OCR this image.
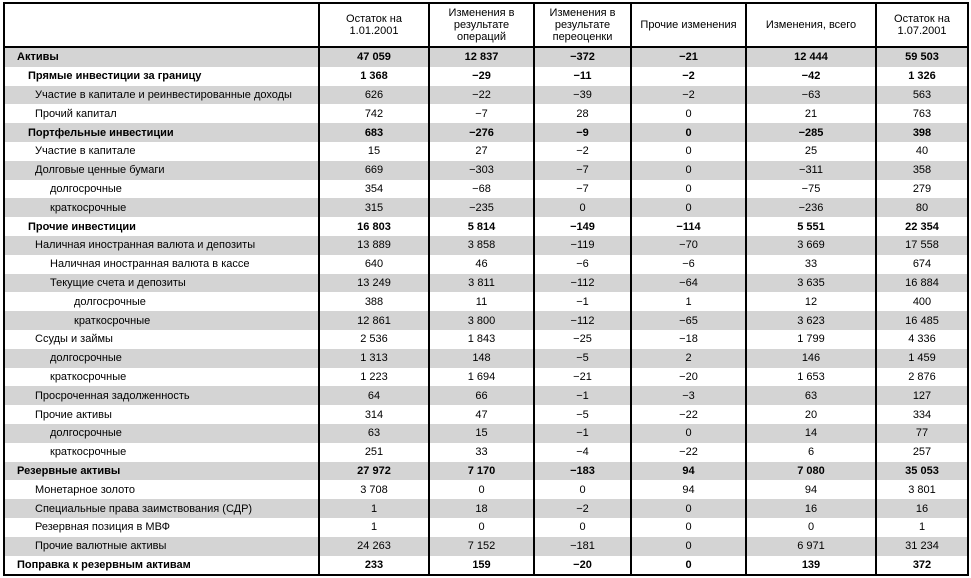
	Остаток на 1.01.2001	Изменения в результате операций	Изменения в результате переоценки	Прочие изменения	Изменения, всего	Остаток на 1.07.2001
Активы	47 059	12 837	−372	−21	12 444	59 503
Прямые инвестиции за границу	1 368	−29	−11	−2	−42	1 326
Участие в капитале и реинвестированные доходы	626	−22	−39	−2	−63	563
Прочий капитал	742	−7	28	0	21	763
Портфельные инвестиции	683	−276	−9	0	−285	398
Участие в капитале	15	27	−2	0	25	40
Долговые ценные бумаги	669	−303	−7	0	−311	358
долгосрочные	354	−68	−7	0	−75	279
краткосрочные	315	−235	0	0	−236	80
Прочие инвестиции	16 803	5 814	−149	−114	5 551	22 354
Наличная иностранная валюта и депозиты	13 889	3 858	−119	−70	3 669	17 558
Наличная иностранная валюта в кассе	640	46	−6	−6	33	674
Текущие счета и депозиты	13 249	3 811	−112	−64	3 635	16 884
долгосрочные	388	11	−1	1	12	400
краткосрочные	12 861	3 800	−112	−65	3 623	16 485
Ссуды и займы	2 536	1 843	−25	−18	1 799	4 336
долгосрочные	1 313	148	−5	2	146	1 459
краткосрочные	1 223	1 694	−21	−20	1 653	2 876
Просроченная задолженность	64	66	−1	−3	63	127
Прочие активы	314	47	−5	−22	20	334
долгосрочные	63	15	−1	0	14	77
краткосрочные	251	33	−4	−22	6	257
Резервные активы	27 972	7 170	−183	94	7 080	35 053
Монетарное золото	3 708	0	0	94	94	3 801
Специальные права заимствования (СДР)	1	18	−2	0	16	16
Резервная позиция в МВФ	1	0	0	0	0	1
Прочие валютные активы	24 263	7 152	−181	0	6 971	31 234
Поправка к резервным активам	233	159	−20	0	139	372
